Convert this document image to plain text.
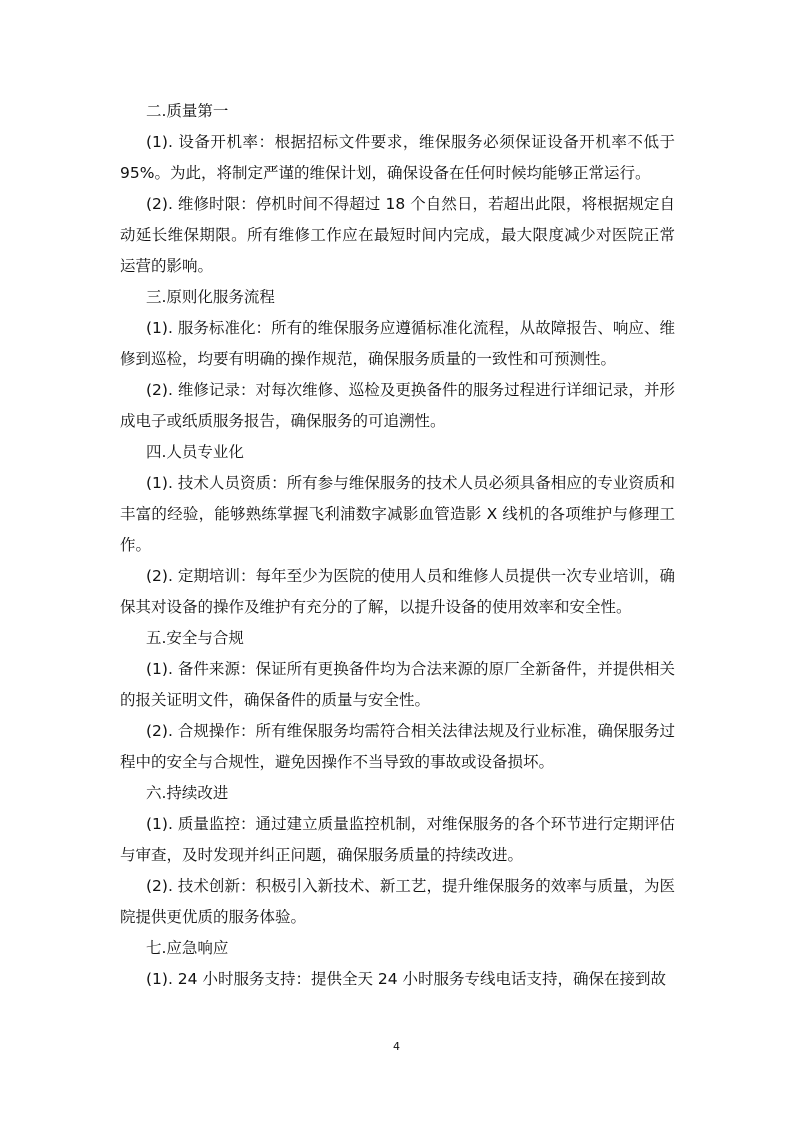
二.质量第一

(1). 设备开机率：根据招标文件要求，维保服务必须保证设备开机率不低于95%。为此，将制定严谨的维保计划，确保设备在任何时候均能够正常运行。

(2). 维修时限：停机时间不得超过 18 个自然日，若超出此限，将根据规定自动延长维保期限。所有维修工作应在最短时间内完成，最大限度减少对医院正常运营的影响。

三.原则化服务流程

(1). 服务标准化：所有的维保服务应遵循标准化流程，从故障报告、响应、维修到巡检，均要有明确的操作规范，确保服务质量的一致性和可预测性。

(2). 维修记录：对每次维修、巡检及更换备件的服务过程进行详细记录，并形成电子或纸质服务报告，确保服务的可追溯性。

四.人员专业化

(1). 技术人员资质：所有参与维保服务的技术人员必须具备相应的专业资质和丰富的经验，能够熟练掌握飞利浦数字减影血管造影 X 线机的各项维护与修理工作。

(2). 定期培训：每年至少为医院的使用人员和维修人员提供一次专业培训，确保其对设备的操作及维护有充分的了解，以提升设备的使用效率和安全性。

五.安全与合规

(1). 备件来源：保证所有更换备件均为合法来源的原厂全新备件，并提供相关的报关证明文件，确保备件的质量与安全性。

(2). 合规操作：所有维保服务均需符合相关法律法规及行业标准，确保服务过程中的安全与合规性，避免因操作不当导致的事故或设备损坏。

六.持续改进

(1). 质量监控：通过建立质量监控机制，对维保服务的各个环节进行定期评估与审查，及时发现并纠正问题，确保服务质量的持续改进。

(2). 技术创新：积极引入新技术、新工艺，提升维保服务的效率与质量，为医院提供更优质的服务体验。

七.应急响应

(1). 24 小时服务支持：提供全天 24 小时服务专线电话支持，确保在接到故

4
